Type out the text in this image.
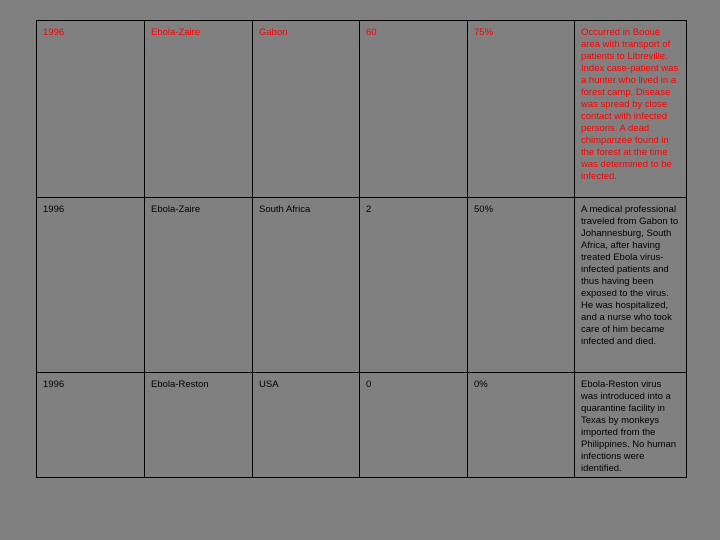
1996	Ebola-Zaire	Gabon	60	75%	Occurred in Booué area with transport of patients to Libreville. Index case-patient was a hunter who lived in a forest camp. Disease was spread by close contact with infected persons. A dead chimpanzee found in the forest at the time was determined to be infected.
1996	Ebola-Zaire	South Africa	2	50%	A medical professional traveled from Gabon to Johannesburg, South Africa, after having treated Ebola virus-infected patients and thus having been exposed to the virus. He was hospitalized, and a nurse who took care of him became infected and died.
1996	Ebola-Reston	USA	0	0%	Ebola-Reston virus was introduced into a quarantine facility in Texas by monkeys imported from the Philippines. No human infections were identified.
